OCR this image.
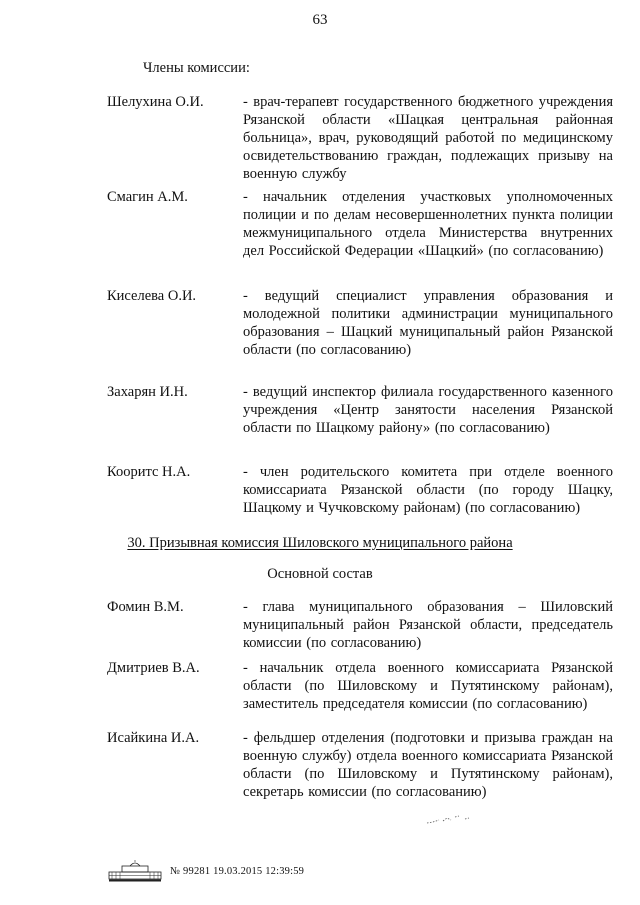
63
Члены комиссии:
Шелухина О.И.	- врач-терапевт государственного бюджетного учреждения Рязанской области «Шацкая центральная районная больница», врач, руководящий работой по медицинскому освидетельствованию граждан, подлежащих призыву на военную службу
Смагин А.М.	- начальник отделения участковых уполномоченных полиции и по делам несовершеннолетних пункта полиции межмуниципального отдела Министерства внутренних дел Российской Федерации «Шацкий» (по согласованию)
Киселева О.И.	- ведущий специалист управления образования и молодежной политики администрации муниципального образования – Шацкий муниципальный район Рязанской области (по согласованию)
Захарян И.Н.	- ведущий инспектор филиала государственного казенного учреждения «Центр занятости населения Рязанской области по Шацкому району» (по согласованию)
Кооритс Н.А.	- член родительского комитета при отделе военного комиссариата Рязанской области (по городу Шацку, Шацкому и Чучковскому районам) (по согласованию)
30. Призывная комиссия Шиловского муниципального района
Основной состав
Фомин В.М.	- глава муниципального образования – Шиловский муниципальный район Рязанской области, председатель комиссии (по согласованию)
Дмитриев В.А.	- начальник отдела военного комиссариата Рязанской области (по Шиловскому и Путятинскому районам), заместитель председателя комиссии (по согласованию)
Исайкина И.А.	- фельдшер отделения (подготовки и призыва граждан на военную службу) отдела военного комиссариата Рязанской области (по Шиловскому и Путятинскому районам), секретарь комиссии (по согласованию)
№ 99281 19.03.2015 12:39:59
